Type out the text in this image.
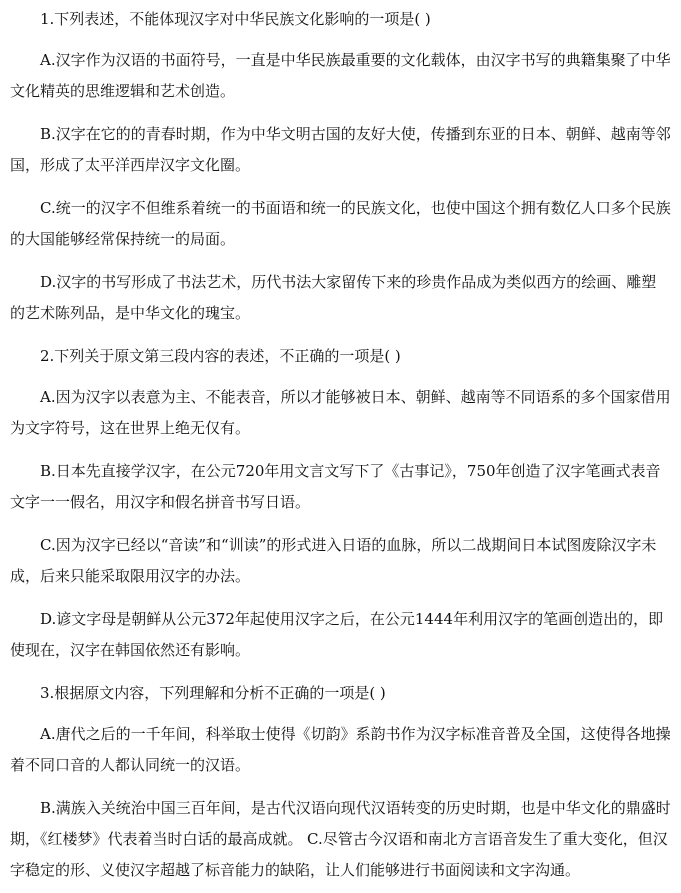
1.下列表述，不能体现汉字对中华民族文化影响的一项是( )

A.汉字作为汉语的书面符号，一直是中华民族最重要的文化载体，由汉字书写的典籍集聚了中华文化精英的思维逻辑和艺术创造。

B.汉字在它的的青春时期，作为中华文明古国的友好大使，传播到东亚的日本、朝鲜、越南等邻国，形成了太平洋西岸汉字文化圈。

C.统一的汉字不但维系着统一的书面语和统一的民族文化，也使中国这个拥有数亿人口多个民族的大国能够经常保持统一的局面。

D.汉字的书写形成了书法艺术，历代书法大家留传下来的珍贵作品成为类似西方的绘画、雕塑的艺术陈列品，是中华文化的瑰宝。

2.下列关于原文第三段内容的表述，不正确的一项是( )

A.因为汉字以表意为主、不能表音，所以才能够被日本、朝鲜、越南等不同语系的多个国家借用为文字符号，这在世界上绝无仅有。

B.日本先直接学汉字，在公元720年用文言文写下了《古事记》，750年创造了汉字笔画式表音文字一一假名，用汉字和假名拼音书写日语。

C.因为汉字已经以“音读”和“训读”的形式进入日语的血脉，所以二战期间日本试图废除汉字未成，后来只能采取限用汉字的办法。

D.谚文字母是朝鲜从公元372年起使用汉字之后，在公元1444年利用汉字的笔画创造出的，即使现在，汉字在韩国依然还有影响。

3.根据原文内容，下列理解和分析不正确的一项是( )

A.唐代之后的一千年间，科举取士使得《切韵》系韵书作为汉字标准音普及全国，这使得各地操着不同口音的人都认同统一的汉语。

B.满族入关统治中国三百年间，是古代汉语向现代汉语转变的历史时期，也是中华文化的鼎盛时期，《红楼梦》代表着当时白话的最高成就。 C.尽管古今汉语和南北方言语音发生了重大变化，但汉字稳定的形、义使汉字超越了标音能力的缺陷，让人们能够进行书面阅读和文字沟通。
